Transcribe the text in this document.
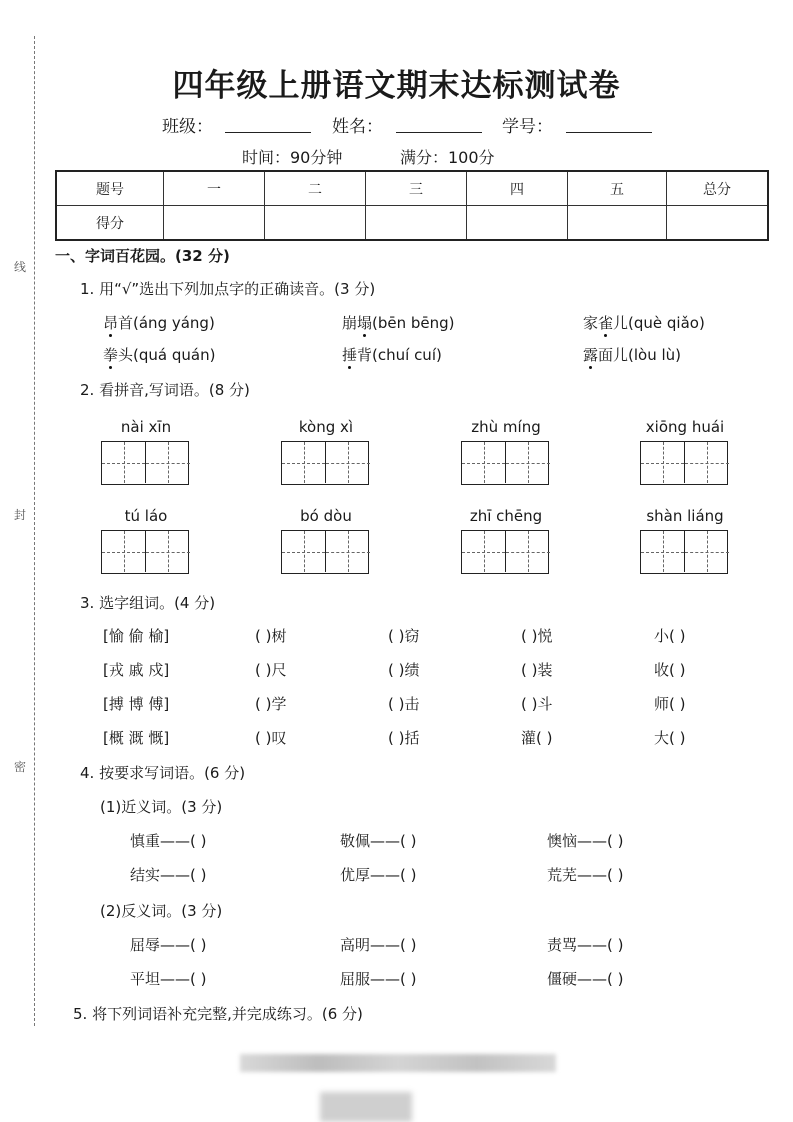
线
封
密
四年级上册语文期末达标测试卷
班级：	姓名：	学号：
时间：90分钟	满分：100分
题号	一	二	三	四	五	总分
得分						
一、字词百花园。(32 分)
1. 用“√”选出下列加点字的正确读音。(3 分)
昂首(áng yáng)	崩塌(bēn bēng)	家雀儿(què qiǎo)
拳头(quá quán)	捶背(chuí cuí)	露面儿(lòu lù)
2. 看拼音,写词语。(8 分)
nài xīn	kòng xì	zhù míng	xiōng huái
tú láo	bó dòu	zhī chēng	shàn liáng
3. 选字组词。(4 分)
[愉 偷 榆]	( )树	( )窃	( )悦	小( )
[戎 戚 戍]	( )尺	( )绩	( )装	收( )
[搏 博 傅]	( )学	( )击	( )斗	师( )
[概 溉 慨]	( )叹	( )括	灌( )	大( )
4. 按要求写词语。(6 分)
(1)近义词。(3 分)
慎重——( )	敬佩——( )	懊恼——( )
结实——( )	优厚——( )	荒芜——( )
(2)反义词。(3 分)
屈辱——( )	高明——( )	责骂——( )
平坦——( )	屈服——( )	僵硬——( )
5. 将下列词语补充完整,并完成练习。(6 分)
